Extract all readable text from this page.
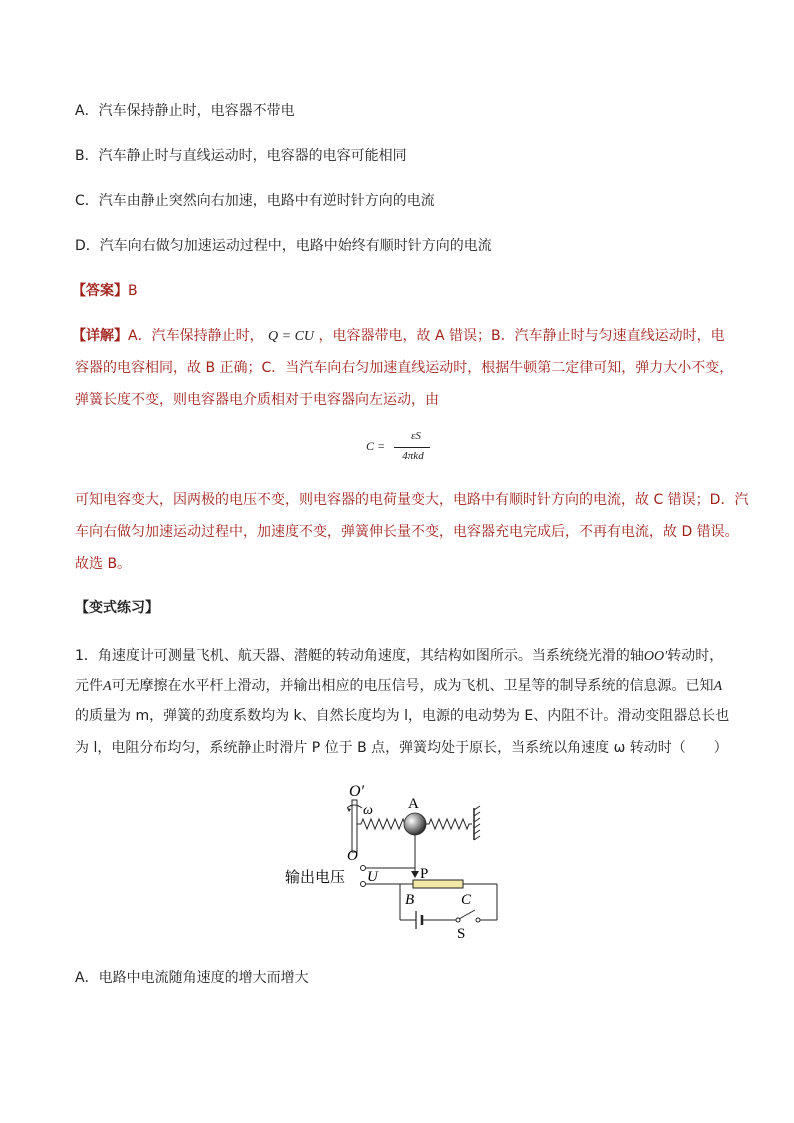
A．汽车保持静止时，电容器不带电
B．汽车静止时与直线运动时，电容器的电容可能相同
C．汽车由静止突然向右加速，电路中有逆时针方向的电流
D．汽车向右做匀加速运动过程中，电路中始终有顺时针方向的电流
【答案】B
【详解】A．汽车保持静止时， Q = CU ，电容器带电，故 A 错误；B．汽车静止时与匀速直线运动时，电
容器的电容相同，故 B 正确；C．当汽车向右匀加速直线运动时，根据牛顿第二定律可知，弹力大小不变，
弹簧长度不变，则电容器电介质相对于电容器向左运动，由
C =
εS
4πkd
可知电容变大，因两极的电压不变，则电容器的电荷量变大，电路中有顺时针方向的电流，故 C 错误；D．汽
车向右做匀加速运动过程中，加速度不变，弹簧伸长量不变，电容器充电完成后，不再有电流，故 D 错误。
故选 B。
【变式练习】
1．角速度计可测量飞机、航天器、潜艇的转动角速度，其结构如图所示。当系统绕光滑的轴OO′转动时，
元件A可无摩擦在水平杆上滑动，并输出相应的电压信号，成为飞机、卫星等的制导系统的信息源。已知A
的质量为 m，弹簧的劲度系数均为 k、自然长度均为 l，电源的电动势为 E、内阻不计。滑动变阻器总长也
为 l，电阻分布均匀，系统静止时滑片 P 位于 B 点，弹簧均处于原长，当系统以角速度 ω 转动时（　　）
O′
ω A
O
P
输出电压 U
B	C
S
A．电路中电流随角速度的增大而增大
